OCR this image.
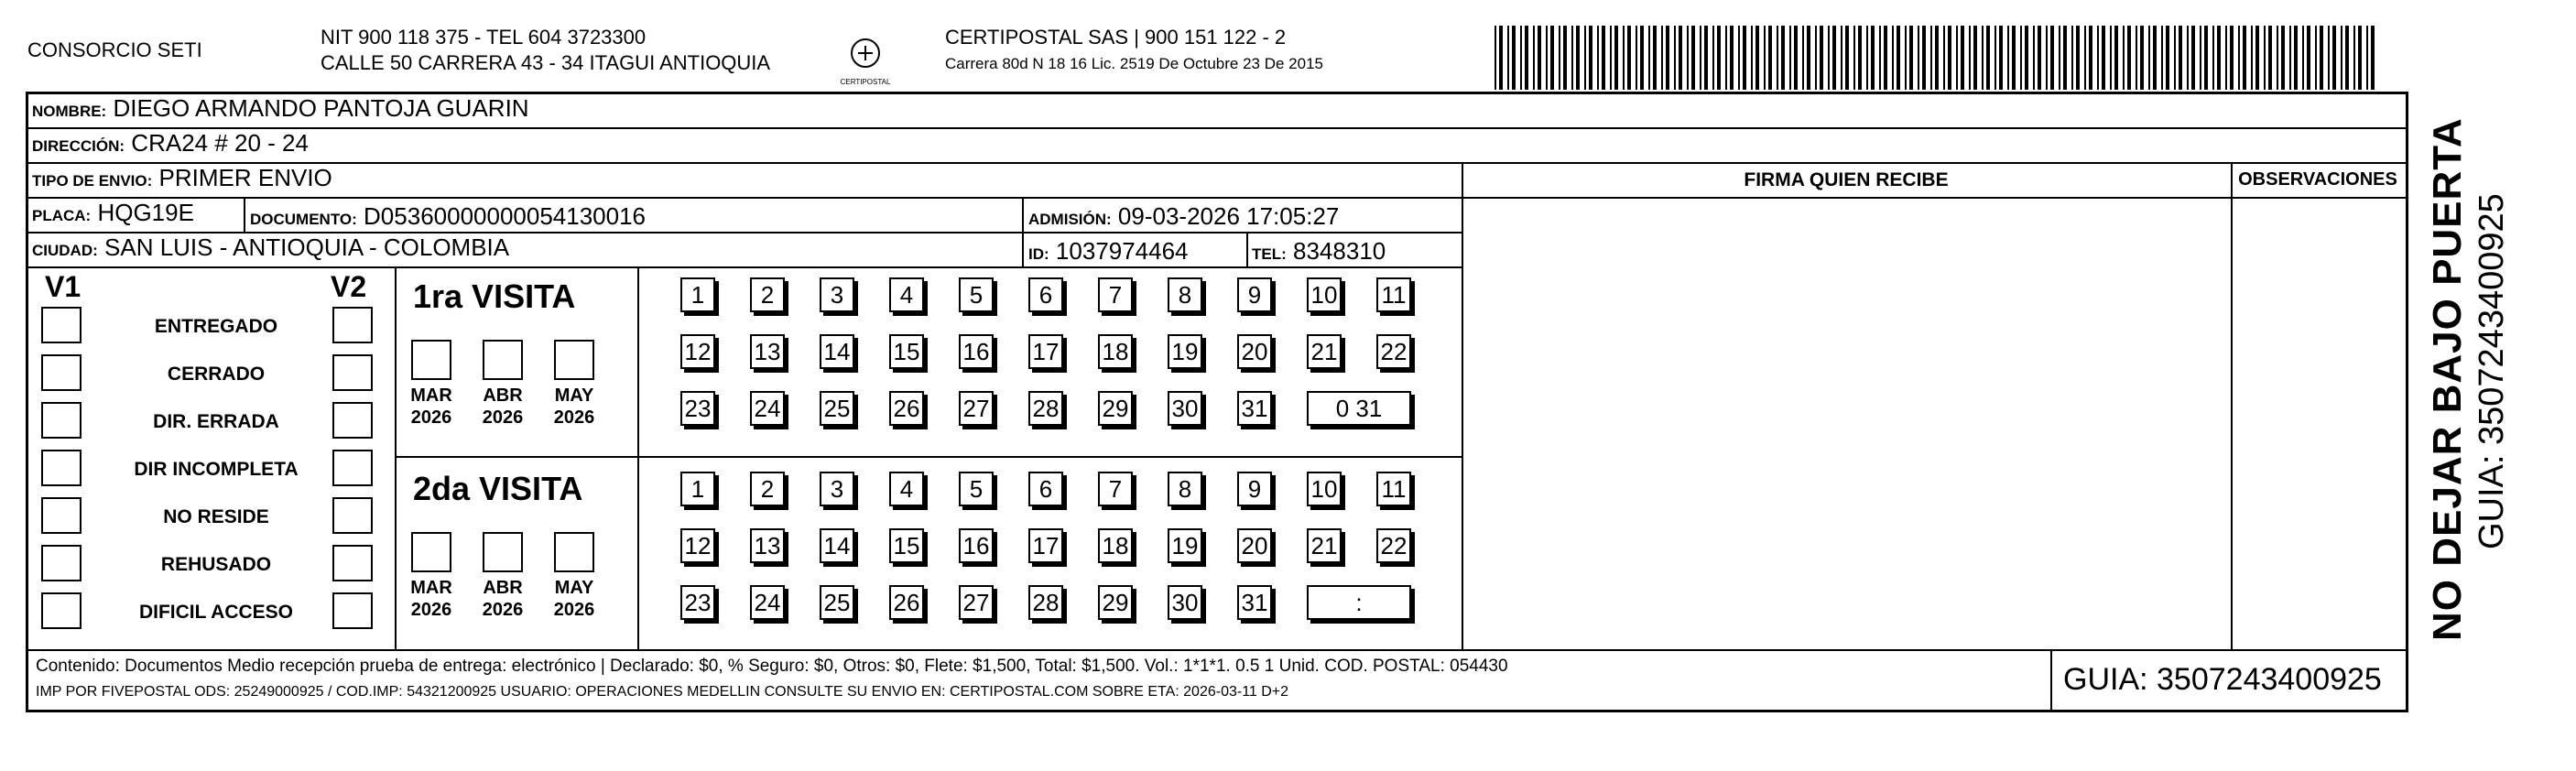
CONSORCIO SETI
NIT 900 118 375 - TEL 604 3723300
CALLE 50 CARRERA 43 - 34 ITAGUI ANTIOQUIA
CERTIPOSTAL
CERTIPOSTAL SAS | 900 151 122 - 2
Carrera 80d N 18 16 Lic. 2519 De Octubre 23 De 2015
NOMBRE: DIEGO ARMANDO PANTOJA GUARIN
DIRECCIÓN: CRA24 # 20 - 24
TIPO DE ENVIO: PRIMER ENVIO	FIRMA QUIEN RECIBE	OBSERVACIONES
PLACA: HQG19E	DOCUMENTO: D05360000000054130016	ADMISIÓN: 09-03-2026 17:05:27
CIUDAD: SAN LUIS - ANTIOQUIA - COLOMBIA	ID: 1037974464	TEL: 8348310
V1	V2
ENTREGADO
CERRADO
DIR. ERRADA
DIR INCOMPLETA
NO RESIDE
REHUSADO
DIFICIL ACCESO
1ra VISITA
2da VISITA
MAR
2026
ABR
2026
MAY
2026
MAR
2026
ABR
2026
MAY
2026
1	2	3	4	5	6	7	8	9	10 11
12 13 14 15 16 17 18 19 20 21 22
23 24 25 26 27 28 29 30 31	0 31
1	2	3	4	5	6	7	8	9	10 11
12 13 14 15 16 17 18 19 20 21 22
23 24 25 26 27 28 29 30 31	:
Contenido: Documentos Medio recepción prueba de entrega: electrónico | Declarado: $0, % Seguro: $0, Otros: $0, Flete: $1,500, Total: $1,500. Vol.: 1*1*1. 0.5 1 Unid. COD. POSTAL: 054430
IMP POR FIVEPOSTAL ODS: 25249000925 / COD.IMP: 54321200925 USUARIO: OPERACIONES MEDELLIN CONSULTE SU ENVIO EN: CERTIPOSTAL.COM SOBRE ETA: 2026-03-11 D+2	GUIA: 3507243400925
NO DEJAR BAJO PUERTA GUIA: 3507243400925
